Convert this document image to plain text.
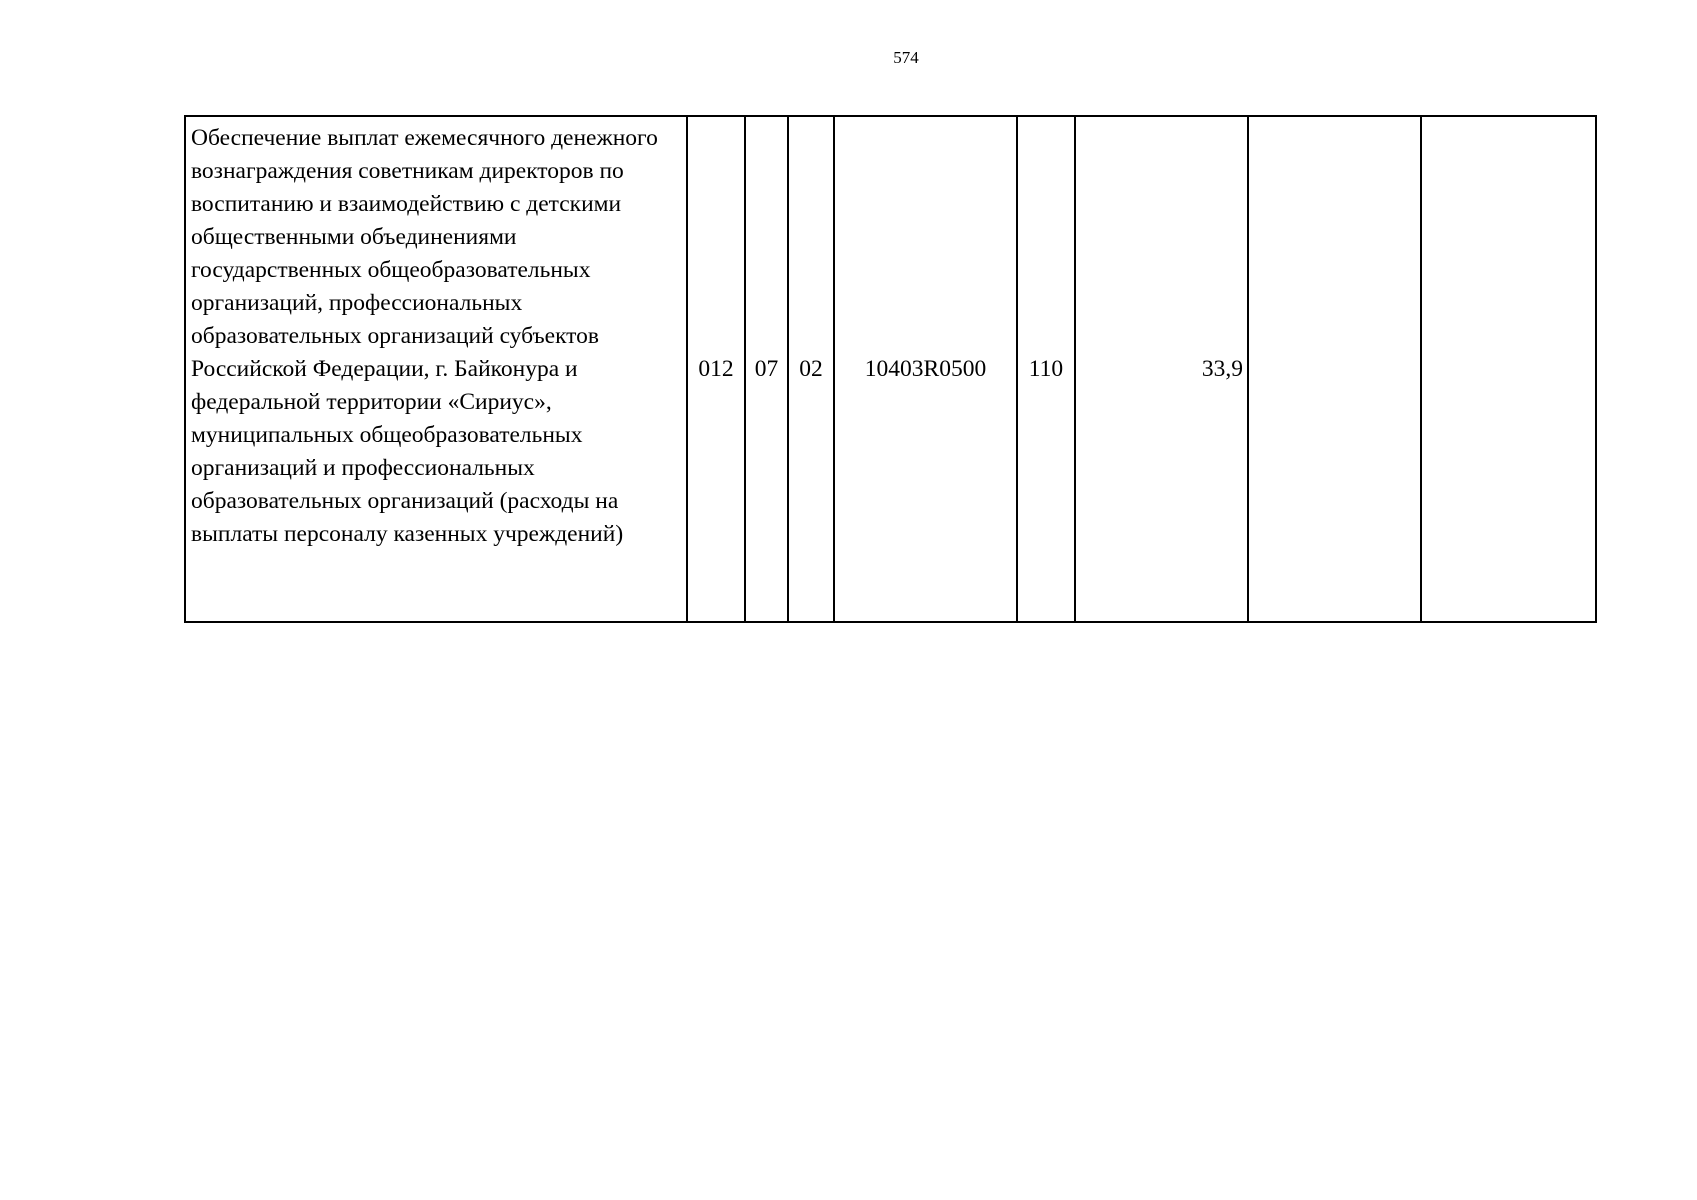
574
Обеспечение выплат ежемесячного денежного вознаграждения советникам директоров по воспитанию и взаимодействию с детскими общественными объединениями государственных общеобразовательных организаций, профессиональных образовательных организаций субъектов Российской Федерации, г. Байконура и федеральной территории «Сириус», муниципальных общеобразовательных организаций и профессиональных образовательных организаций (расходы на выплаты персоналу казенных учреждений)	012	07	02	10403R0500	110	33,9		
